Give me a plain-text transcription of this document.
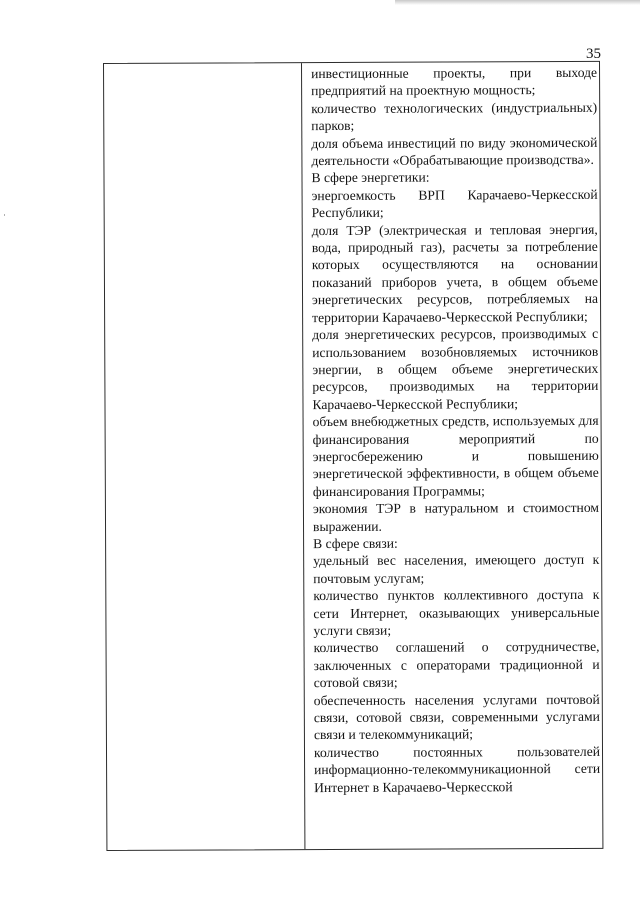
35

инвестиционные проекты, при выходе предприятий на проектную мощность;

количество технологических (индустриальных) парков;

доля объема инвестиций по виду экономической деятельности «Обрабатывающие производства».

В сфере энергетики:

энергоемкость ВРП Карачаево-Черкесской Республики;

доля ТЭР (электрическая и тепловая энергия, вода, природный газ), расчеты за потребление которых осуществляются на основании показаний приборов учета, в общем объеме энергетических ресурсов, потребляемых на территории Карачаево-Черкесской Республики;

доля энергетических ресурсов, производимых с использованием возобновляемых источников энергии, в общем объеме энергетических ресурсов, производимых на территории Карачаево-Черкесской Республики;

объем внебюджетных средств, используемых для финансирования мероприятий по энергосбережению и повышению энергетической эффективности, в общем объеме финансирования Программы;

экономия ТЭР в натуральном и стоимостном выражении.

В сфере связи:

удельный вес населения, имеющего доступ к почтовым услугам;

количество пунктов коллективного доступа к сети Интернет, оказывающих универсальные услуги связи;

количество соглашений о сотрудничестве, заключенных с операторами традиционной и сотовой связи;

обеспеченность населения услугами почтовой связи, сотовой связи, современными услугами связи и телекоммуникаций;

количество постоянных пользователей информационно-телекоммуникационной сети Интернет в Карачаево-Черкесской
